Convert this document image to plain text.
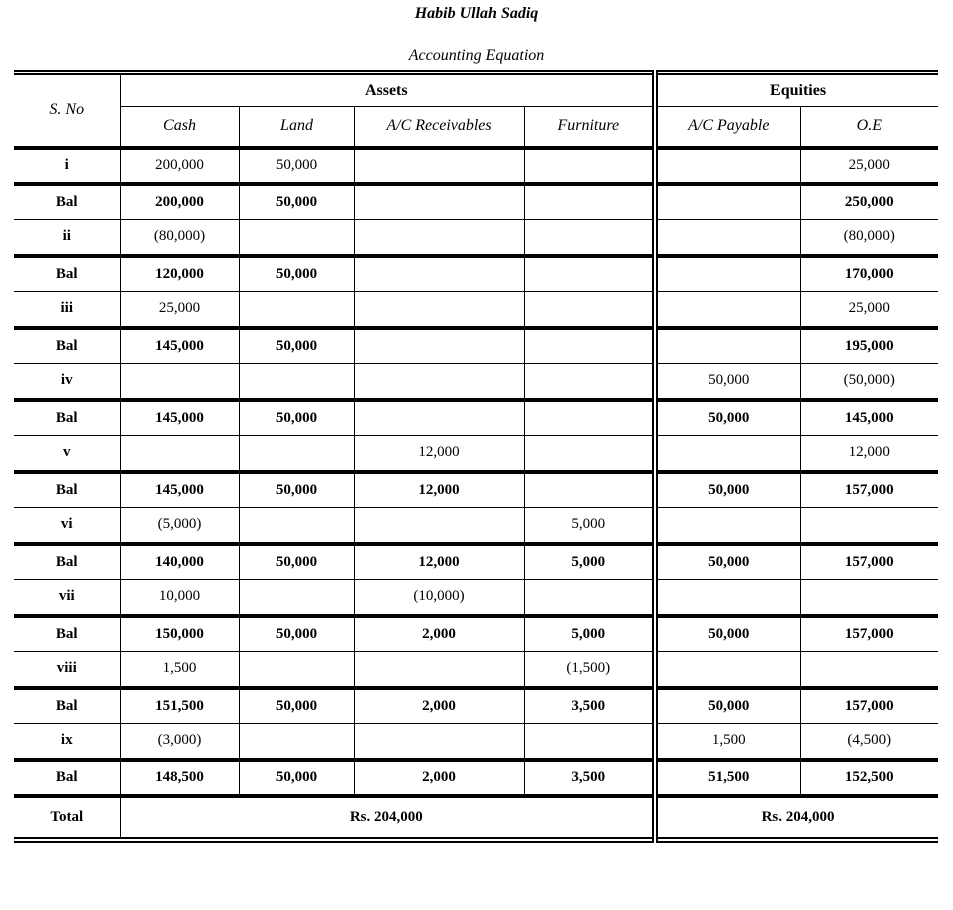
Habib Ullah Sadiq
Accounting Equation
S. No	Assets				Equities	
	Cash	Land	A/C Receivables	Furniture	A/C Payable	O.E
i	200,000	50,000				25,000
Bal	200,000	50,000				250,000
ii	(80,000)					(80,000)
Bal	120,000	50,000				170,000
iii	25,000					25,000
Bal	145,000	50,000				195,000
iv					50,000	(50,000)
Bal	145,000	50,000			50,000	145,000
v			12,000			12,000
Bal	145,000	50,000	12,000		50,000	157,000
vi	(5,000)			5,000		
Bal	140,000	50,000	12,000	5,000	50,000	157,000
vii	10,000		(10,000)			
Bal	150,000	50,000	2,000	5,000	50,000	157,000
viii	1,500			(1,500)		
Bal	151,500	50,000	2,000	3,500	50,000	157,000
ix	(3,000)				1,500	(4,500)
Bal	148,500	50,000	2,000	3,500	51,500	152,500
Total	Rs. 204,000				Rs. 204,000	
